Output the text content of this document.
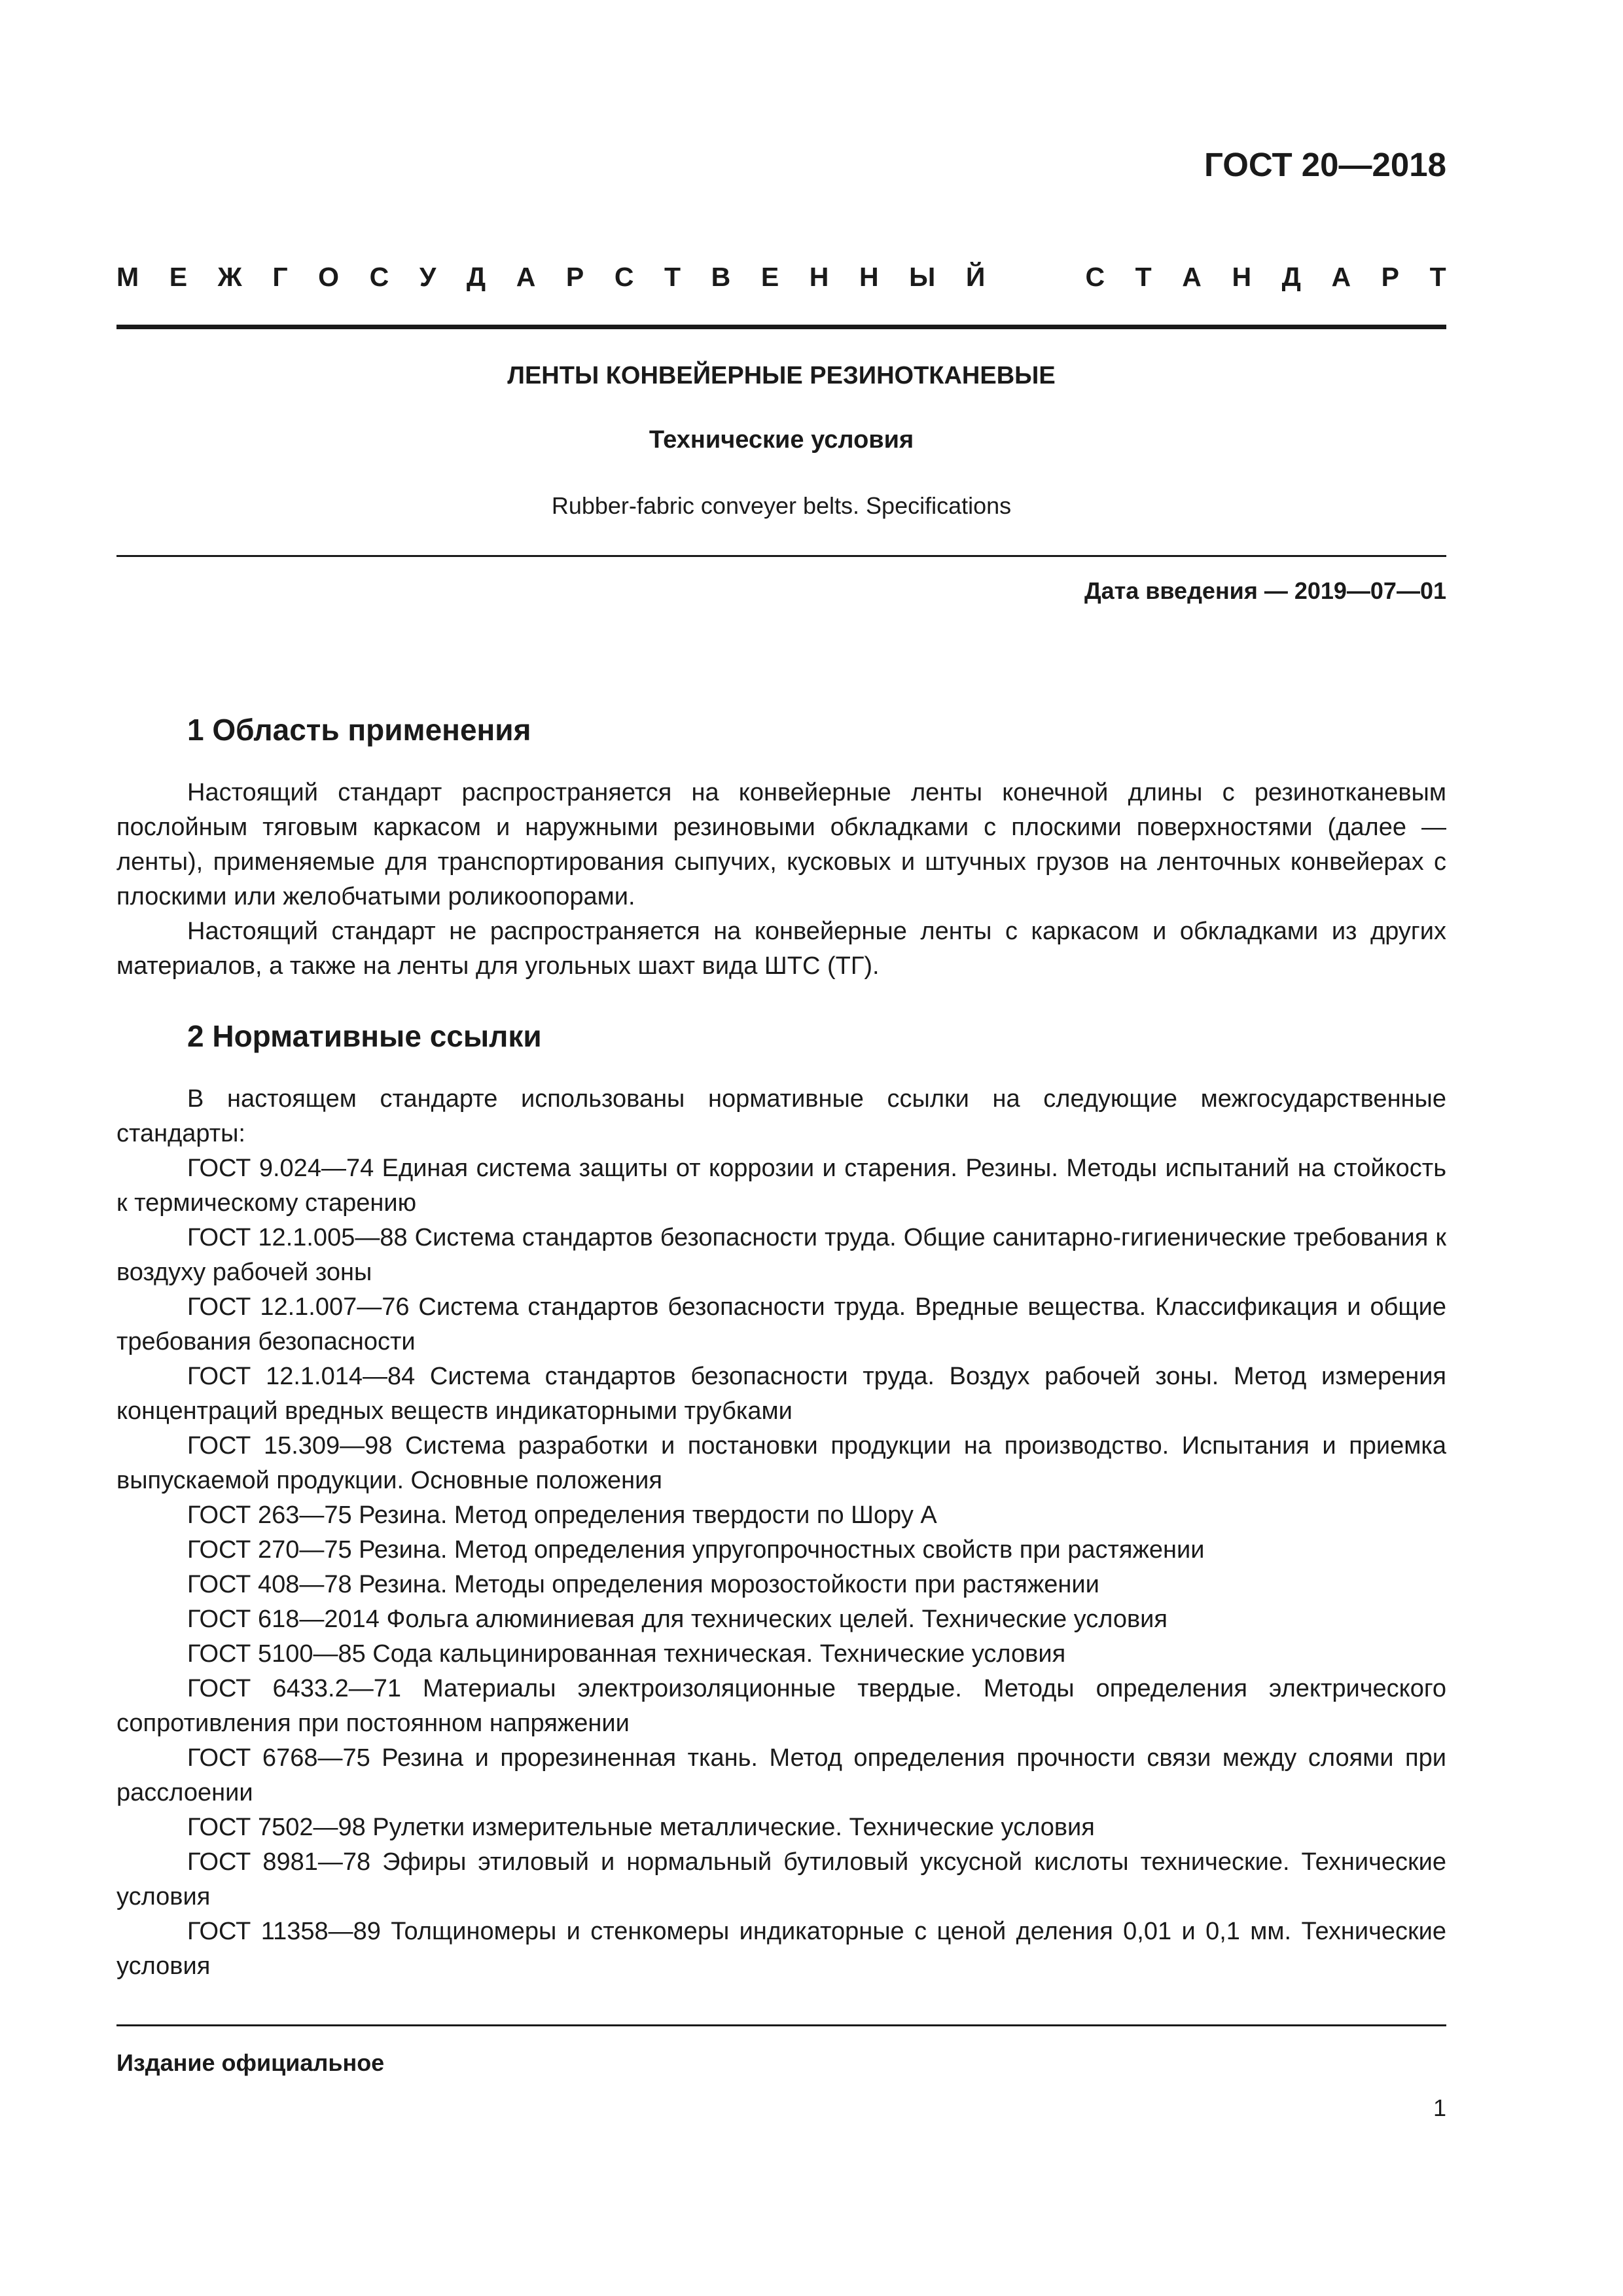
ГОСТ 20—2018
М Е Ж Г О С У Д А Р С Т В Е Н Н Ы Й	С Т А Н Д А Р Т
ЛЕНТЫ КОНВЕЙЕРНЫЕ РЕЗИНОТКАНЕВЫЕ
Технические условия
Rubber-fabric conveyer belts. Specifications
Дата введения — 2019—07—01
1 Область применения

Настоящий стандарт распространяется на конвейерные ленты конечной длины с резинотканевым послойным тяговым каркасом и наружными резиновыми обкладками с плоскими поверхностями (далее — ленты), применяемые для транспортирования сыпучих, кусковых и штучных грузов на ленточных конвейерах с плоскими или желобчатыми роликоопорами.

Настоящий стандарт не распространяется на конвейерные ленты с каркасом и обкладками из других материалов, а также на ленты для угольных шахт вида ШТС (ТГ).

2 Нормативные ссылки

В настоящем стандарте использованы нормативные ссылки на следующие межгосударственные стандарты:

ГОСТ 9.024—74 Единая система защиты от коррозии и старения. Резины. Методы испытаний на стойкость к термическому старению

ГОСТ 12.1.005—88 Система стандартов безопасности труда. Общие санитарно-гигиенические требования к воздуху рабочей зоны

ГОСТ 12.1.007—76 Система стандартов безопасности труда. Вредные вещества. Классификация и общие требования безопасности

ГОСТ 12.1.014—84 Система стандартов безопасности труда. Воздух рабочей зоны. Метод измерения концентраций вредных веществ индикаторными трубками

ГОСТ 15.309—98 Система разработки и постановки продукции на производство. Испытания и приемка выпускаемой продукции. Основные положения

ГОСТ 263—75 Резина. Метод определения твердости по Шору А

ГОСТ 270—75 Резина. Метод определения упругопрочностных свойств при растяжении

ГОСТ 408—78 Резина. Методы определения морозостойкости при растяжении

ГОСТ 618—2014 Фольга алюминиевая для технических целей. Технические условия

ГОСТ 5100—85 Сода кальцинированная техническая. Технические условия

ГОСТ 6433.2—71 Материалы электроизоляционные твердые. Методы определения электрического сопротивления при постоянном напряжении

ГОСТ 6768—75 Резина и прорезиненная ткань. Метод определения прочности связи между слоями при расслоении

ГОСТ 7502—98 Рулетки измерительные металлические. Технические условия

ГОСТ 8981—78 Эфиры этиловый и нормальный бутиловый уксусной кислоты технические. Технические условия

ГОСТ 11358—89 Толщиномеры и стенкомеры индикаторные с ценой деления 0,01 и 0,1 мм. Технические условия

Издание официальное
1
